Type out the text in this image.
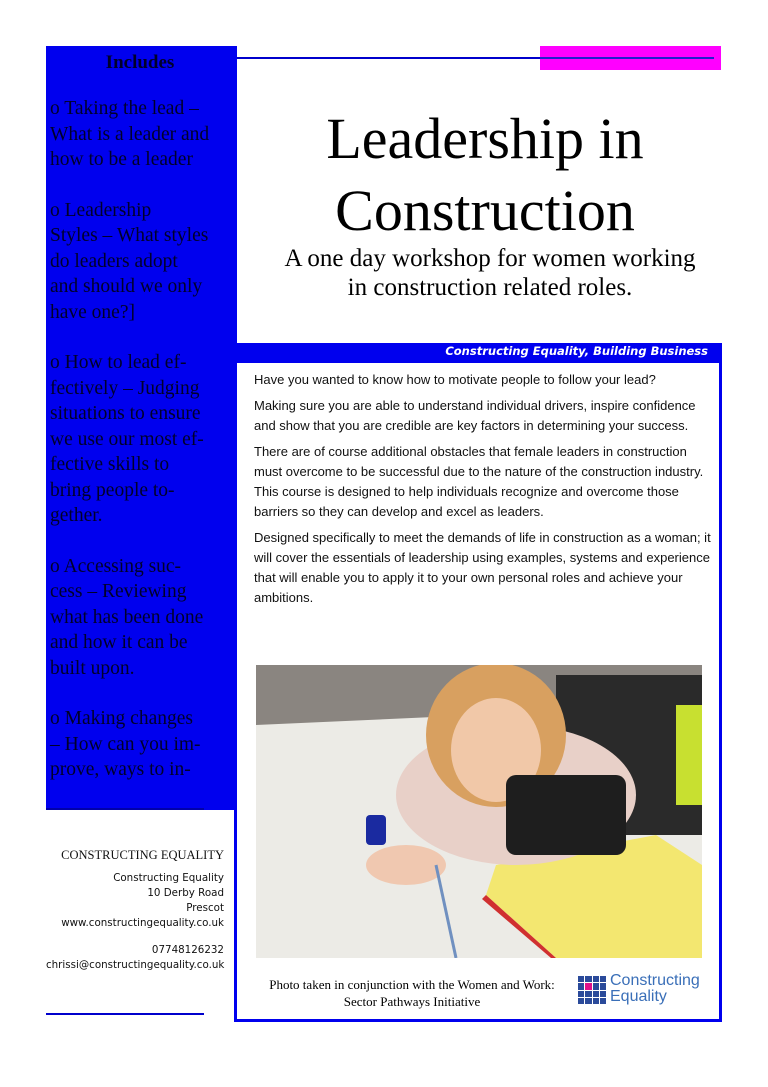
Includes
o Taking the lead –
What is a leader and
how to be a leader
o Leadership
Styles – What styles
do leaders adopt
and should we only
have one?]
o How to lead ef-
fectively – Judging
situations to ensure
we use our most ef-
fective skills to
bring people to-
gether.
o Accessing suc-
cess – Reviewing
what has been done
and how it can be
built upon.
o Making changes
– How can you im-
prove, ways to in-
Leadership in
Construction
A one day workshop for women working
in construction related roles.
Constructing Equality, Building Business

Have you wanted to know how to motivate people to follow your lead?

Making sure you are able to understand individual drivers, inspire confidence and show that you are credible are key factors in determining your success.

There are of course additional obstacles that female leaders in construction must overcome to be successful due to the nature of the construction industry. This course is designed to help individuals recognize and overcome those barriers so they can develop and excel as leaders.

Designed specifically to meet the demands of life in construction as a woman; it will cover the essentials of leadership using examples, systems and experience that will enable you to apply it to your own personal roles and achieve your ambitions.

Photo taken in conjunction with the Women and Work:
Sector Pathways Initiative
Constructing
Equality
CONSTRUCTING EQUALITY
Constructing Equality
10 Derby Road
Prescot
www.constructingequality.co.uk
07748126232
chrissi@constructingequality.co.uk
